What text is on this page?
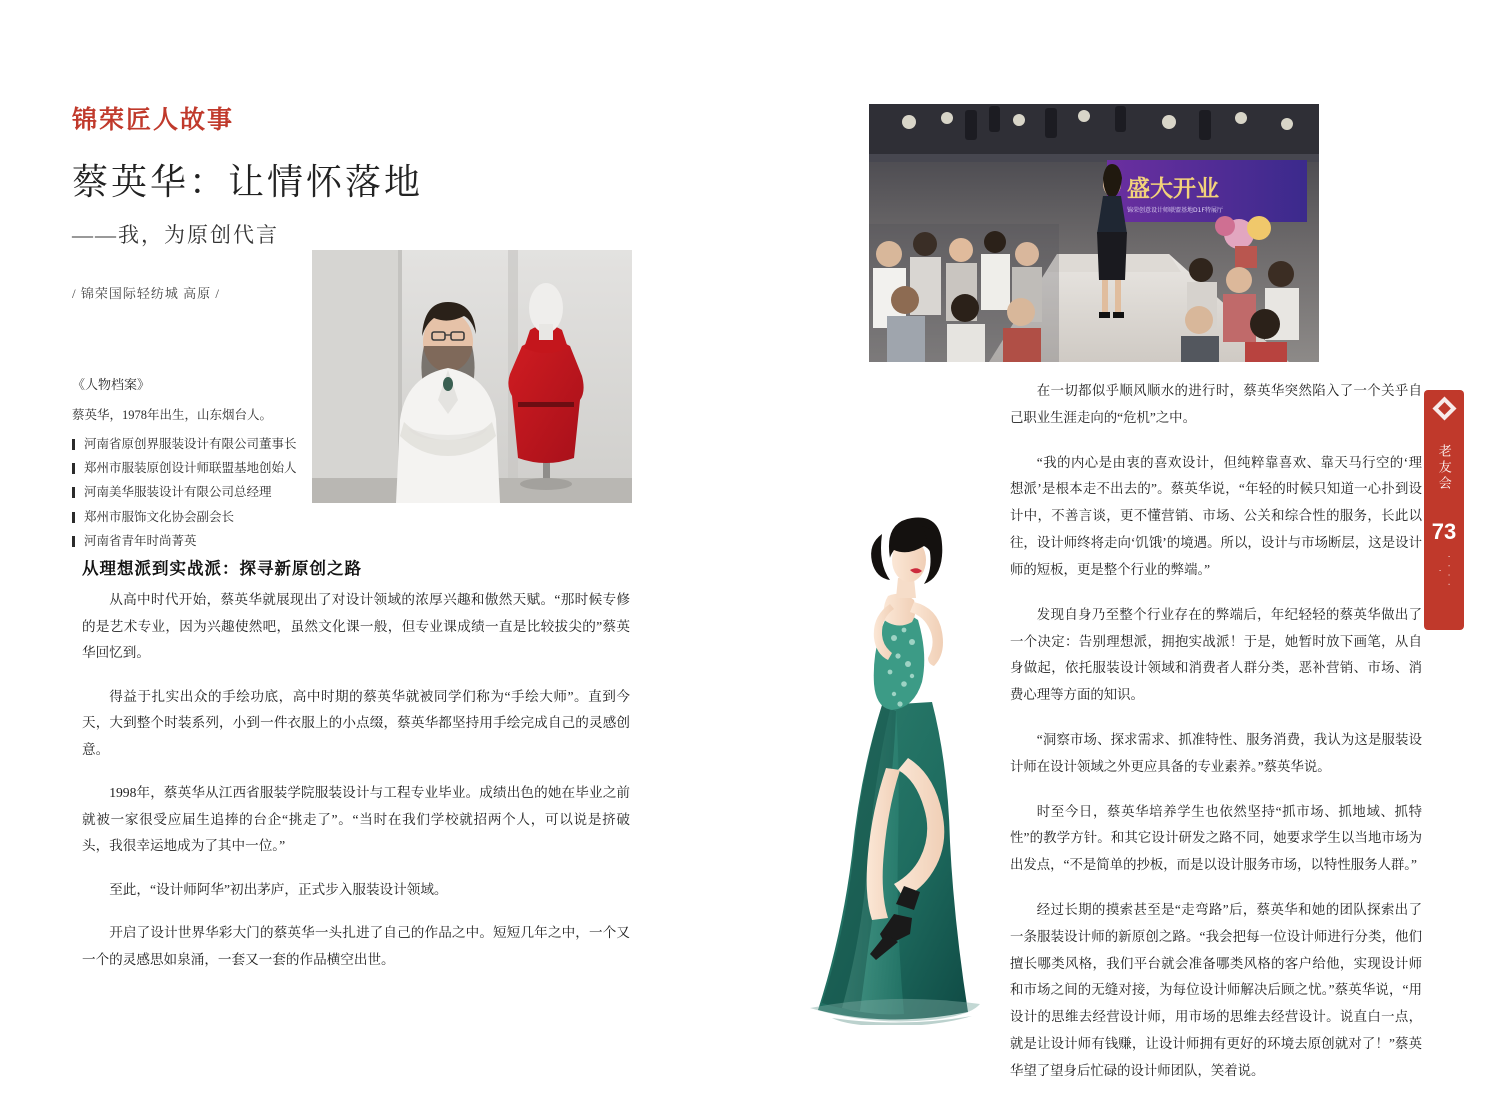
锦荣匠人故事
蔡英华：让情怀落地
——我，为原创代言
/ 锦荣国际轻纺城 高原 /
《人物档案》
蔡英华，1978年出生，山东烟台人。
河南省原创界服装设计有限公司董事长
郑州市服装原创设计师联盟基地创始人
河南美华服装设计有限公司总经理
郑州市服饰文化协会副会长
河南省青年时尚菁英
从理想派到实战派：探寻新原创之路

从高中时代开始，蔡英华就展现出了对设计领域的浓厚兴趣和傲然天赋。“那时候专修的是艺术专业，因为兴趣使然吧，虽然文化课一般，但专业课成绩一直是比较拔尖的”蔡英华回忆到。

得益于扎实出众的手绘功底，高中时期的蔡英华就被同学们称为“手绘大师”。直到今天，大到整个时装系列，小到一件衣服上的小点缀，蔡英华都坚持用手绘完成自己的灵感创意。

1998年，蔡英华从江西省服装学院服装设计与工程专业毕业。成绩出色的她在毕业之前就被一家很受应届生追捧的台企“挑走了”。“当时在我们学校就招两个人，可以说是挤破头，我很幸运地成为了其中一位。”

至此，“设计师阿华”初出茅庐，正式步入服装设计领域。

开启了设计世界华彩大门的蔡英华一头扎进了自己的作品之中。短短几年之中，一个又一个的灵感思如泉涌，一套又一套的作品横空出世。

盛大开业
锦荣创意设计师联盟基地D1F特展厅

在一切都似乎顺风顺水的进行时，蔡英华突然陷入了一个关乎自己职业生涯走向的“危机”之中。

“我的内心是由衷的喜欢设计，但纯粹靠喜欢、靠天马行空的‘理想派’是根本走不出去的”。蔡英华说，“年轻的时候只知道一心扑到设计中，不善言谈，更不懂营销、市场、公关和综合性的服务，长此以往，设计师终将走向‘饥饿’的境遇。所以，设计与市场断层，这是设计师的短板，更是整个行业的弊端。”

发现自身乃至整个行业存在的弊端后，年纪轻轻的蔡英华做出了一个决定：告别理想派，拥抱实战派！于是，她暂时放下画笔，从自身做起，依托服装设计领域和消费者人群分类，恶补营销、市场、消费心理等方面的知识。

“洞察市场、探求需求、抓准特性、服务消费，我认为这是服装设计师在设计领域之外更应具备的专业素养。”蔡英华说。

时至今日，蔡英华培养学生也依然坚持“抓市场、抓地域、抓特性”的教学方针。和其它设计研发之路不同，她要求学生以当地市场为出发点，“不是简单的抄板，而是以设计服务市场，以特性服务人群。”

经过长期的摸索甚至是“走弯路”后，蔡英华和她的团队探索出了一条服装设计师的新原创之路。“我会把每一位设计师进行分类，他们擅长哪类风格，我们平台就会准备哪类风格的客户给他，实现设计师和市场之间的无缝对接，为每位设计师解决后顾之忧。”蔡英华说，“用设计的思维去经营设计师，用市场的思维去经营设计。说直白一点，就是让设计师有钱赚，让设计师拥有更好的环境去原创就对了！”蔡英华望了望身后忙碌的设计师团队，笑着说。

老友会
73
· · · · ·
